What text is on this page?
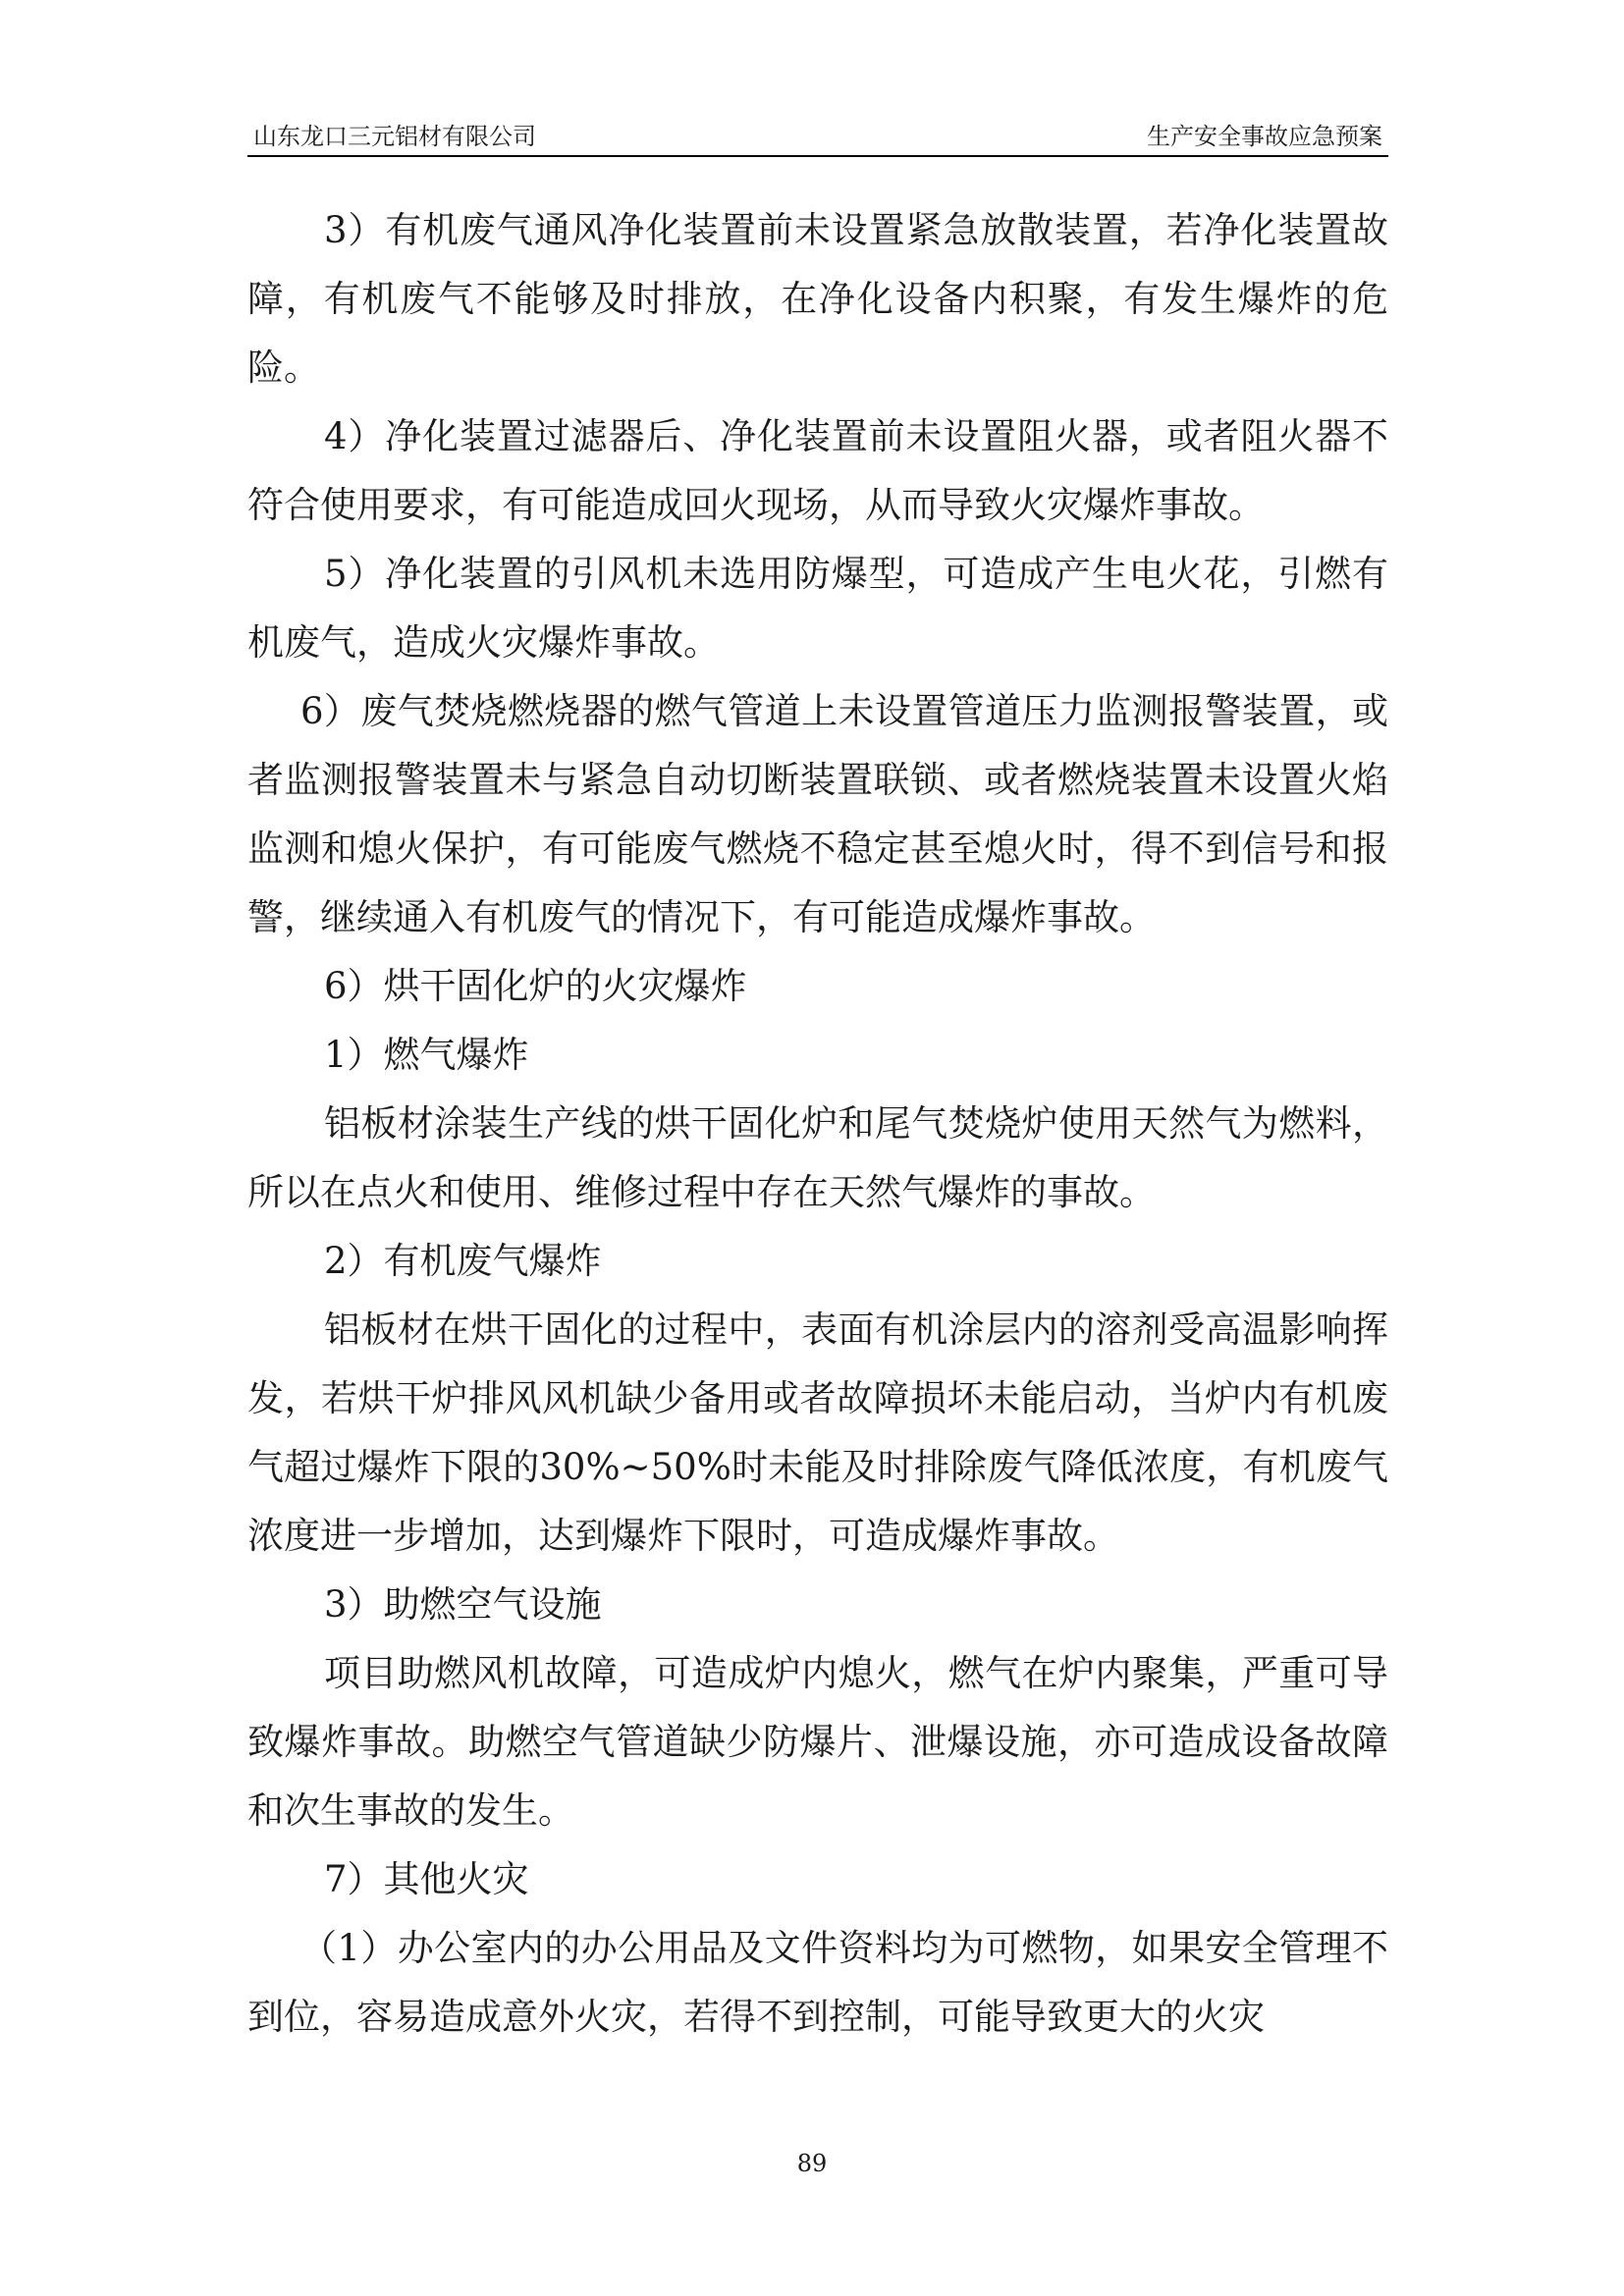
山东龙口三元铝材有限公司	生产安全事故应急预案

3）有机废气通风净化装置前未设置紧急放散装置，若净化装置故障，有机废气不能够及时排放，在净化设备内积聚，有发生爆炸的危险。

4）净化装置过滤器后、净化装置前未设置阻火器，或者阻火器不符合使用要求，有可能造成回火现场，从而导致火灾爆炸事故。

5）净化装置的引风机未选用防爆型，可造成产生电火花，引燃有机废气，造成火灾爆炸事故。

6）废气焚烧燃烧器的燃气管道上未设置管道压力监测报警装置，或者监测报警装置未与紧急自动切断装置联锁、或者燃烧装置未设置火焰监测和熄火保护，有可能废气燃烧不稳定甚至熄火时，得不到信号和报警，继续通入有机废气的情况下，有可能造成爆炸事故。

6）烘干固化炉的火灾爆炸

1）燃气爆炸

铝板材涂装生产线的烘干固化炉和尾气焚烧炉使用天然气为燃料，所以在点火和使用、维修过程中存在天然气爆炸的事故。

2）有机废气爆炸

铝板材在烘干固化的过程中，表面有机涂层内的溶剂受高温影响挥发，若烘干炉排风风机缺少备用或者故障损坏未能启动，当炉内有机废气超过爆炸下限的30%~50%时未能及时排除废气降低浓度，有机废气浓度进一步增加，达到爆炸下限时，可造成爆炸事故。

3）助燃空气设施

项目助燃风机故障，可造成炉内熄火，燃气在炉内聚集，严重可导致爆炸事故。助燃空气管道缺少防爆片、泄爆设施，亦可造成设备故障和次生事故的发生。

7）其他火灾

（1）办公室内的办公用品及文件资料均为可燃物，如果安全管理不到位，容易造成意外火灾，若得不到控制，可能导致更大的火灾

89
